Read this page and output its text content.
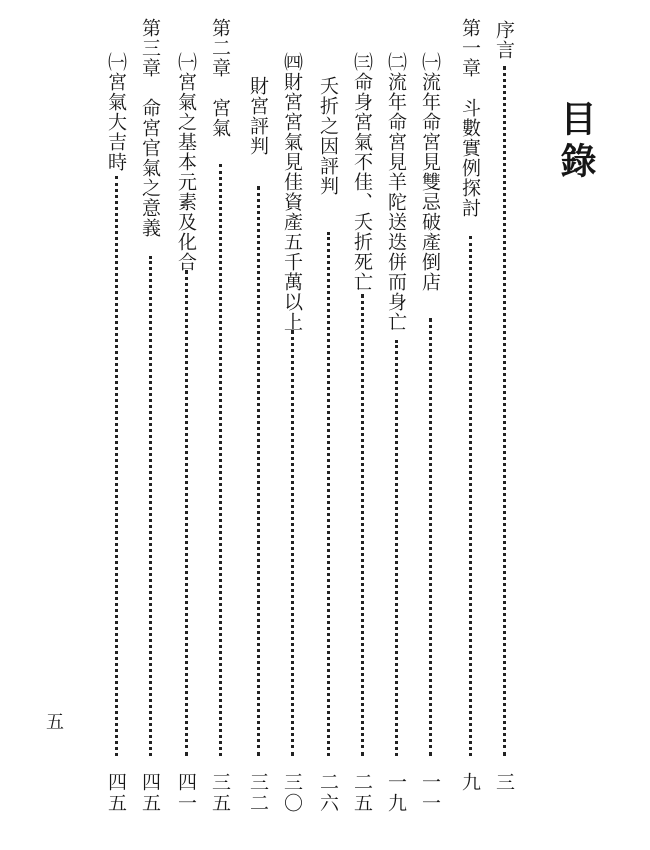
目錄
序言
三
第一章　斗數實例探討
九
㈠流年命宮見雙忌破產倒店
一一
㈡流年命宮見羊陀送迭併而身亡
一九
㈢命身宮氣不佳、夭折死亡
二五
夭折之因評判
二六
㈣財宮宮氣見佳資產五千萬以上
三〇
財宮評判
三二
第二章　宮氣
三五
㈠宮氣之基本元素及化合
四一
第三章　命宮官氣之意義
四五
㈠宮氣大吉時
四五
五
